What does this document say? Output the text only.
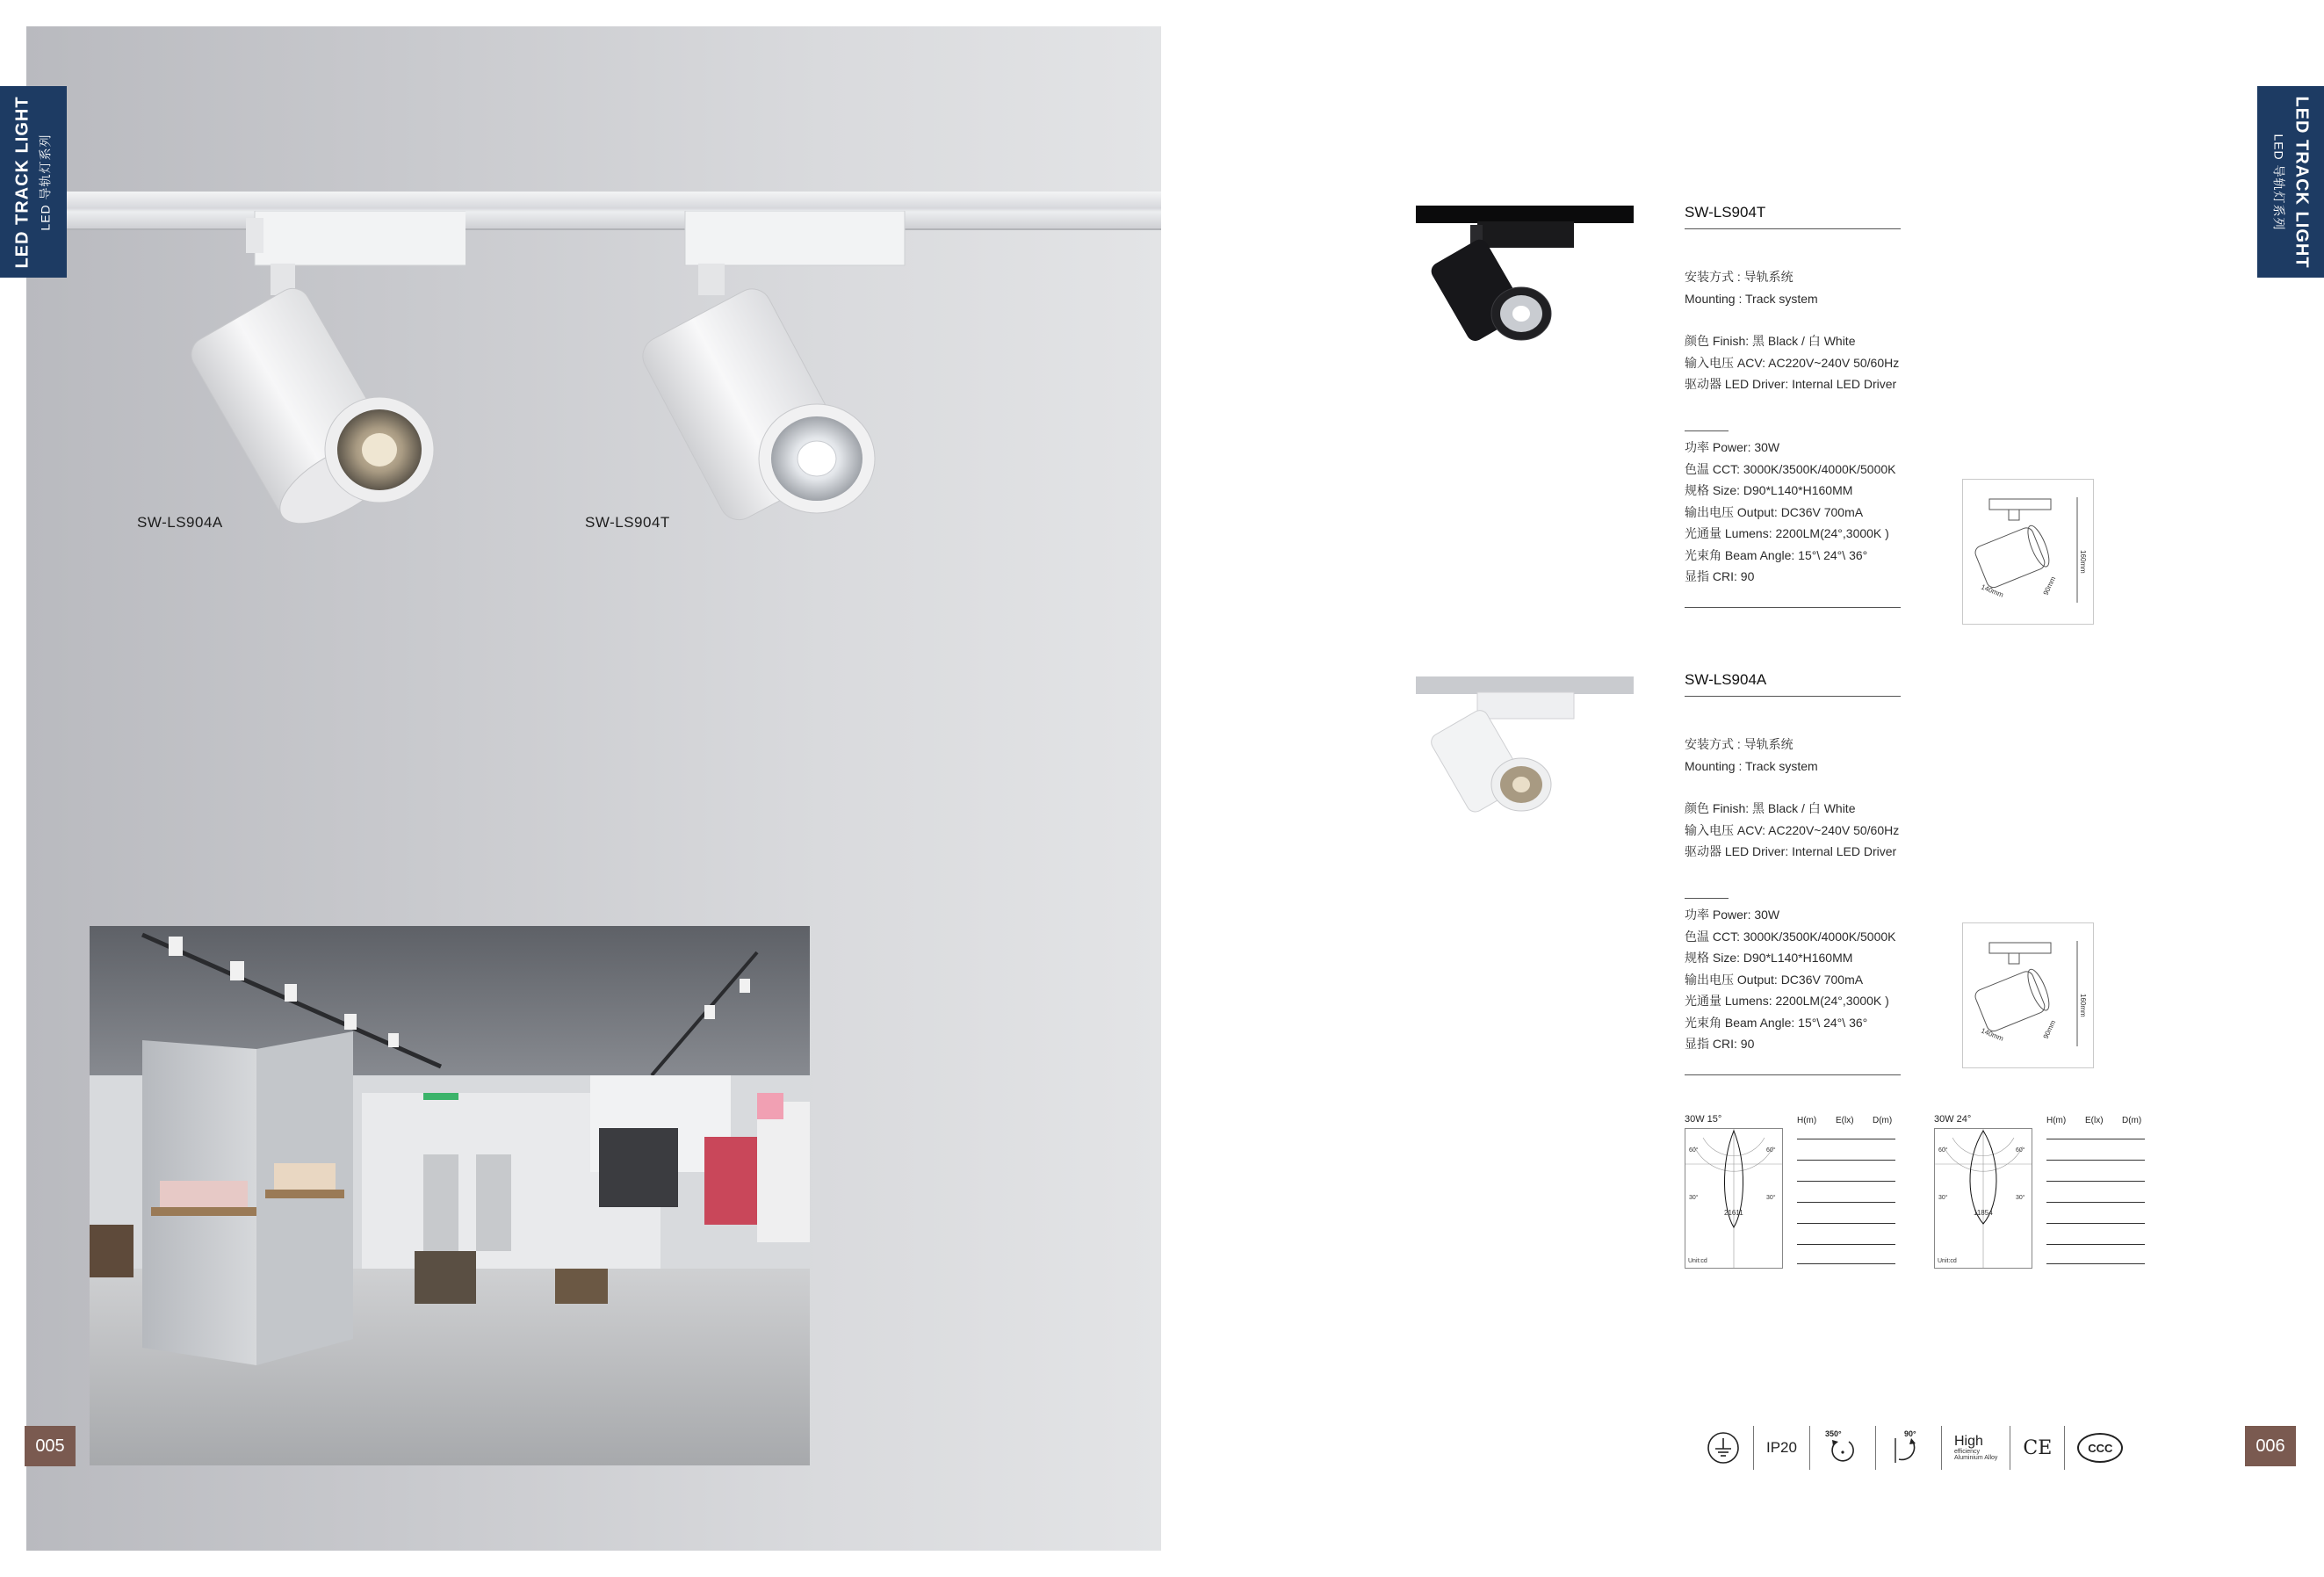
SW-LS904A	SW-LS904T
LED TRACK LIGHT LED 导轨灯系列	LED TRACK LIGHT
LED 导轨灯系列
005	006
SW-LS904T
安装方式 : 导轨系统
Mounting : Track system
颜色 Finish: 黑 Black / 白 White
输入电压 ACV: AC220V~240V 50/60Hz
驱动器 LED Driver: Internal LED Driver
功率 Power: 30W
色温 CCT: 3000K/3500K/4000K/5000K
规格 Size: D90*L140*H160MM
输出电压 Output: DC36V 700mA
光通量 Lumens: 2200LM(24°,3000K )
光束角 Beam Angle: 15°\ 24°\ 36°
显指 CRI: 90
160mm
140mm	90mm
SW-LS904A
安装方式 : 导轨系统
Mounting : Track system
颜色 Finish: 黑 Black / 白 White
输入电压 ACV: AC220V~240V 50/60Hz
驱动器 LED Driver: Internal LED Driver
功率 Power: 30W
色温 CCT: 3000K/3500K/4000K/5000K
规格 Size: D90*L140*H160MM
输出电压 Output: DC36V 700mA
光通量 Lumens: 2200LM(24°,3000K )
光束角 Beam Angle: 15°\ 24°\ 36°
显指 CRI: 90
160mm
140mm	90mm
30W 15°
60°	60°
30°	30°
21611
Unit:cd
H(m) E(lx) D(m)	30W 24°
60°	60°
30°	30°
11854
Unit:cd
H(m) E(lx) D(m)
IP20
350°	90°	High
efficiency
Aluminium Alloy CE	CCC
